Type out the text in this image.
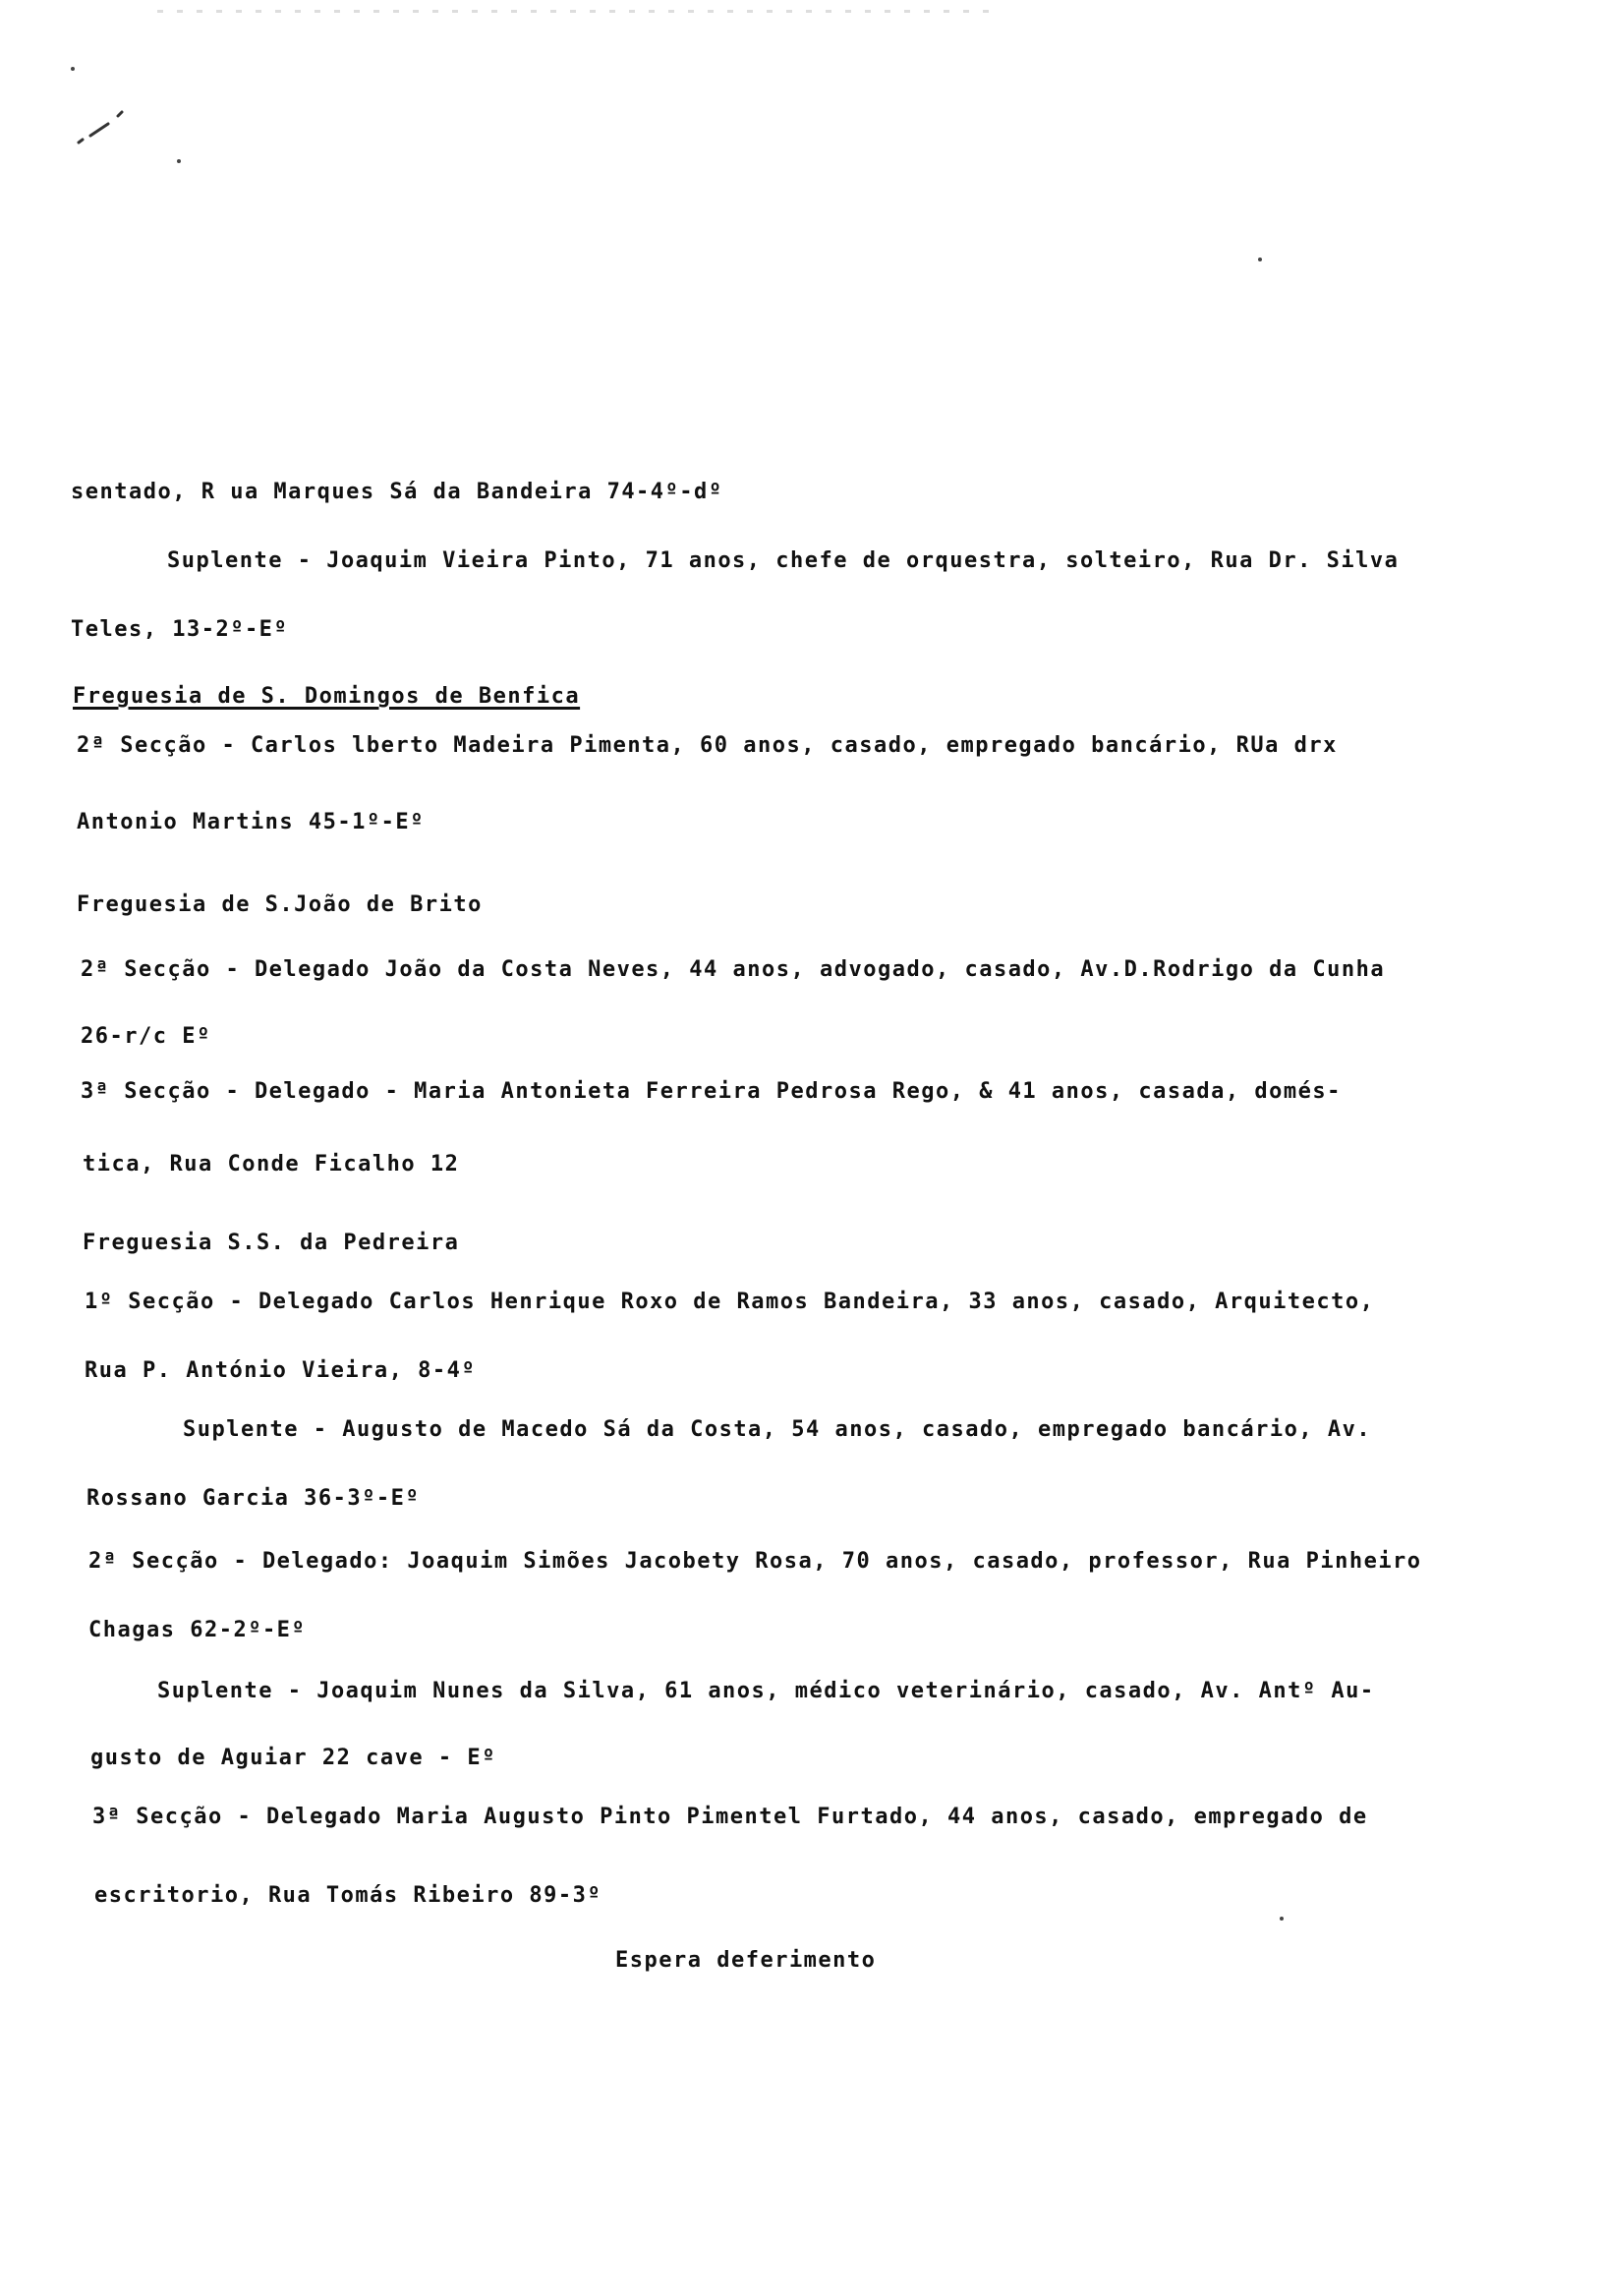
sentado, R ua Marques Sá da Bandeira 74-4º-dº
Suplente - Joaquim Vieira Pinto, 71 anos, chefe de orquestra, solteiro, Rua Dr. Silva
Teles, 13-2º-Eº
Freguesia de S. Domingos de Benfica
2ª Secção - Carlos lberto Madeira Pimenta, 60 anos, casado, empregado bancário, RUa drx
Antonio Martins 45-1º-Eº
Freguesia de S.João de Brito
2ª Secção - Delegado João da Costa Neves, 44 anos, advogado, casado, Av.D.Rodrigo da Cunha
26-r/c Eº
3ª Secção - Delegado - Maria Antonieta Ferreira Pedrosa Rego, & 41 anos, casada, domés-
tica, Rua Conde Ficalho 12
Freguesia S.S. da Pedreira
1º Secção - Delegado Carlos Henrique Roxo de Ramos Bandeira, 33 anos, casado, Arquitecto,
Rua P. António Vieira, 8-4º
Suplente - Augusto de Macedo Sá da Costa, 54 anos, casado, empregado bancário, Av.
Rossano Garcia 36-3º-Eº
2ª Secção - Delegado: Joaquim Simões Jacobety Rosa, 70 anos, casado, professor, Rua Pinheiro
Chagas 62-2º-Eº
Suplente - Joaquim Nunes da Silva, 61 anos, médico veterinário, casado, Av. Antº Au-
gusto de Aguiar 22 cave - Eº
3ª Secção - Delegado Maria Augusto Pinto Pimentel Furtado, 44 anos, casado, empregado de
escritorio, Rua Tomás Ribeiro 89-3º
Espera deferimento
